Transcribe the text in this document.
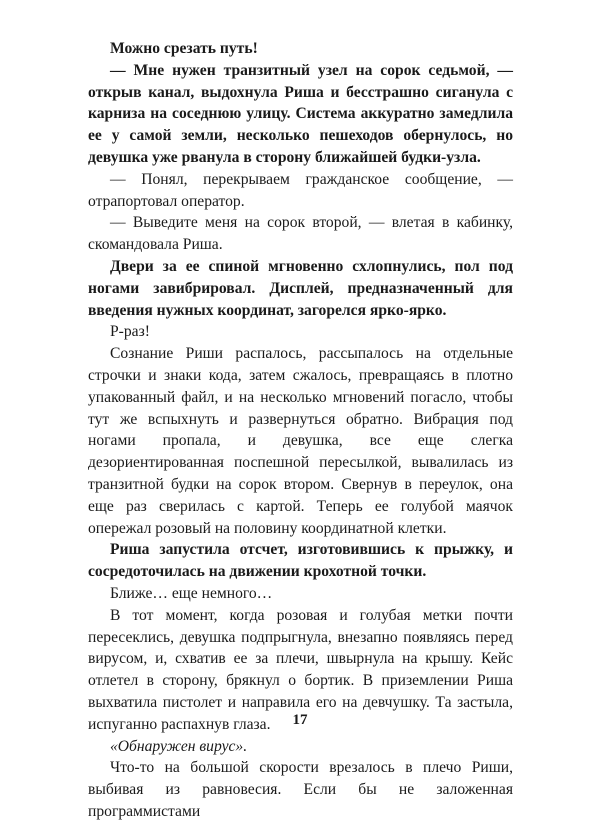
Можно срезать путь!

— Мне нужен транзитный узел на сорок седьмой, — открыв канал, выдохнула Риша и бесстрашно сиганула с карниза на соседнюю улицу. Система аккуратно замедлила ее у самой земли, несколько пешеходов обернулось, но девушка уже рванула в сторону ближайшей будки-узла.

— Понял, перекрываем гражданское сообщение, — отрапортовал оператор.

— Выведите меня на сорок второй, — влетая в кабинку, скомандовала Риша.

Двери за ее спиной мгновенно схлопнулись, пол под ногами завибрировал. Дисплей, предназначенный для введения нужных координат, загорелся ярко-ярко.

Р-раз!

Сознание Риши распалось, рассыпалось на отдельные строчки и знаки кода, затем сжалось, превращаясь в плотно упакованный файл, и на несколько мгновений погасло, чтобы тут же вспыхнуть и развернуться обратно. Вибрация под ногами пропала, и девушка, все еще слегка дезориентированная поспешной пересылкой, вывалилась из транзитной будки на сорок втором. Свернув в переулок, она еще раз сверилась с картой. Теперь ее голубой маячок опережал розовый на половину координатной клетки.

Риша запустила отсчет, изготовившись к прыжку, и сосредоточилась на движении крохотной точки.

Ближе… еще немного…

В тот момент, когда розовая и голубая метки почти пересеклись, девушка подпрыгнула, внезапно появляясь перед вирусом, и, схватив ее за плечи, швырнула на крышу. Кейс отлетел в сторону, брякнул о бортик. В приземлении Риша выхватила пистолет и направила его на девчушку. Та застыла, испуганно распахнув глаза.

«Обнаружен вирус».

Что-то на большой скорости врезалось в плечо Риши, выбивая из равновесия. Если бы не заложенная программистами

17
